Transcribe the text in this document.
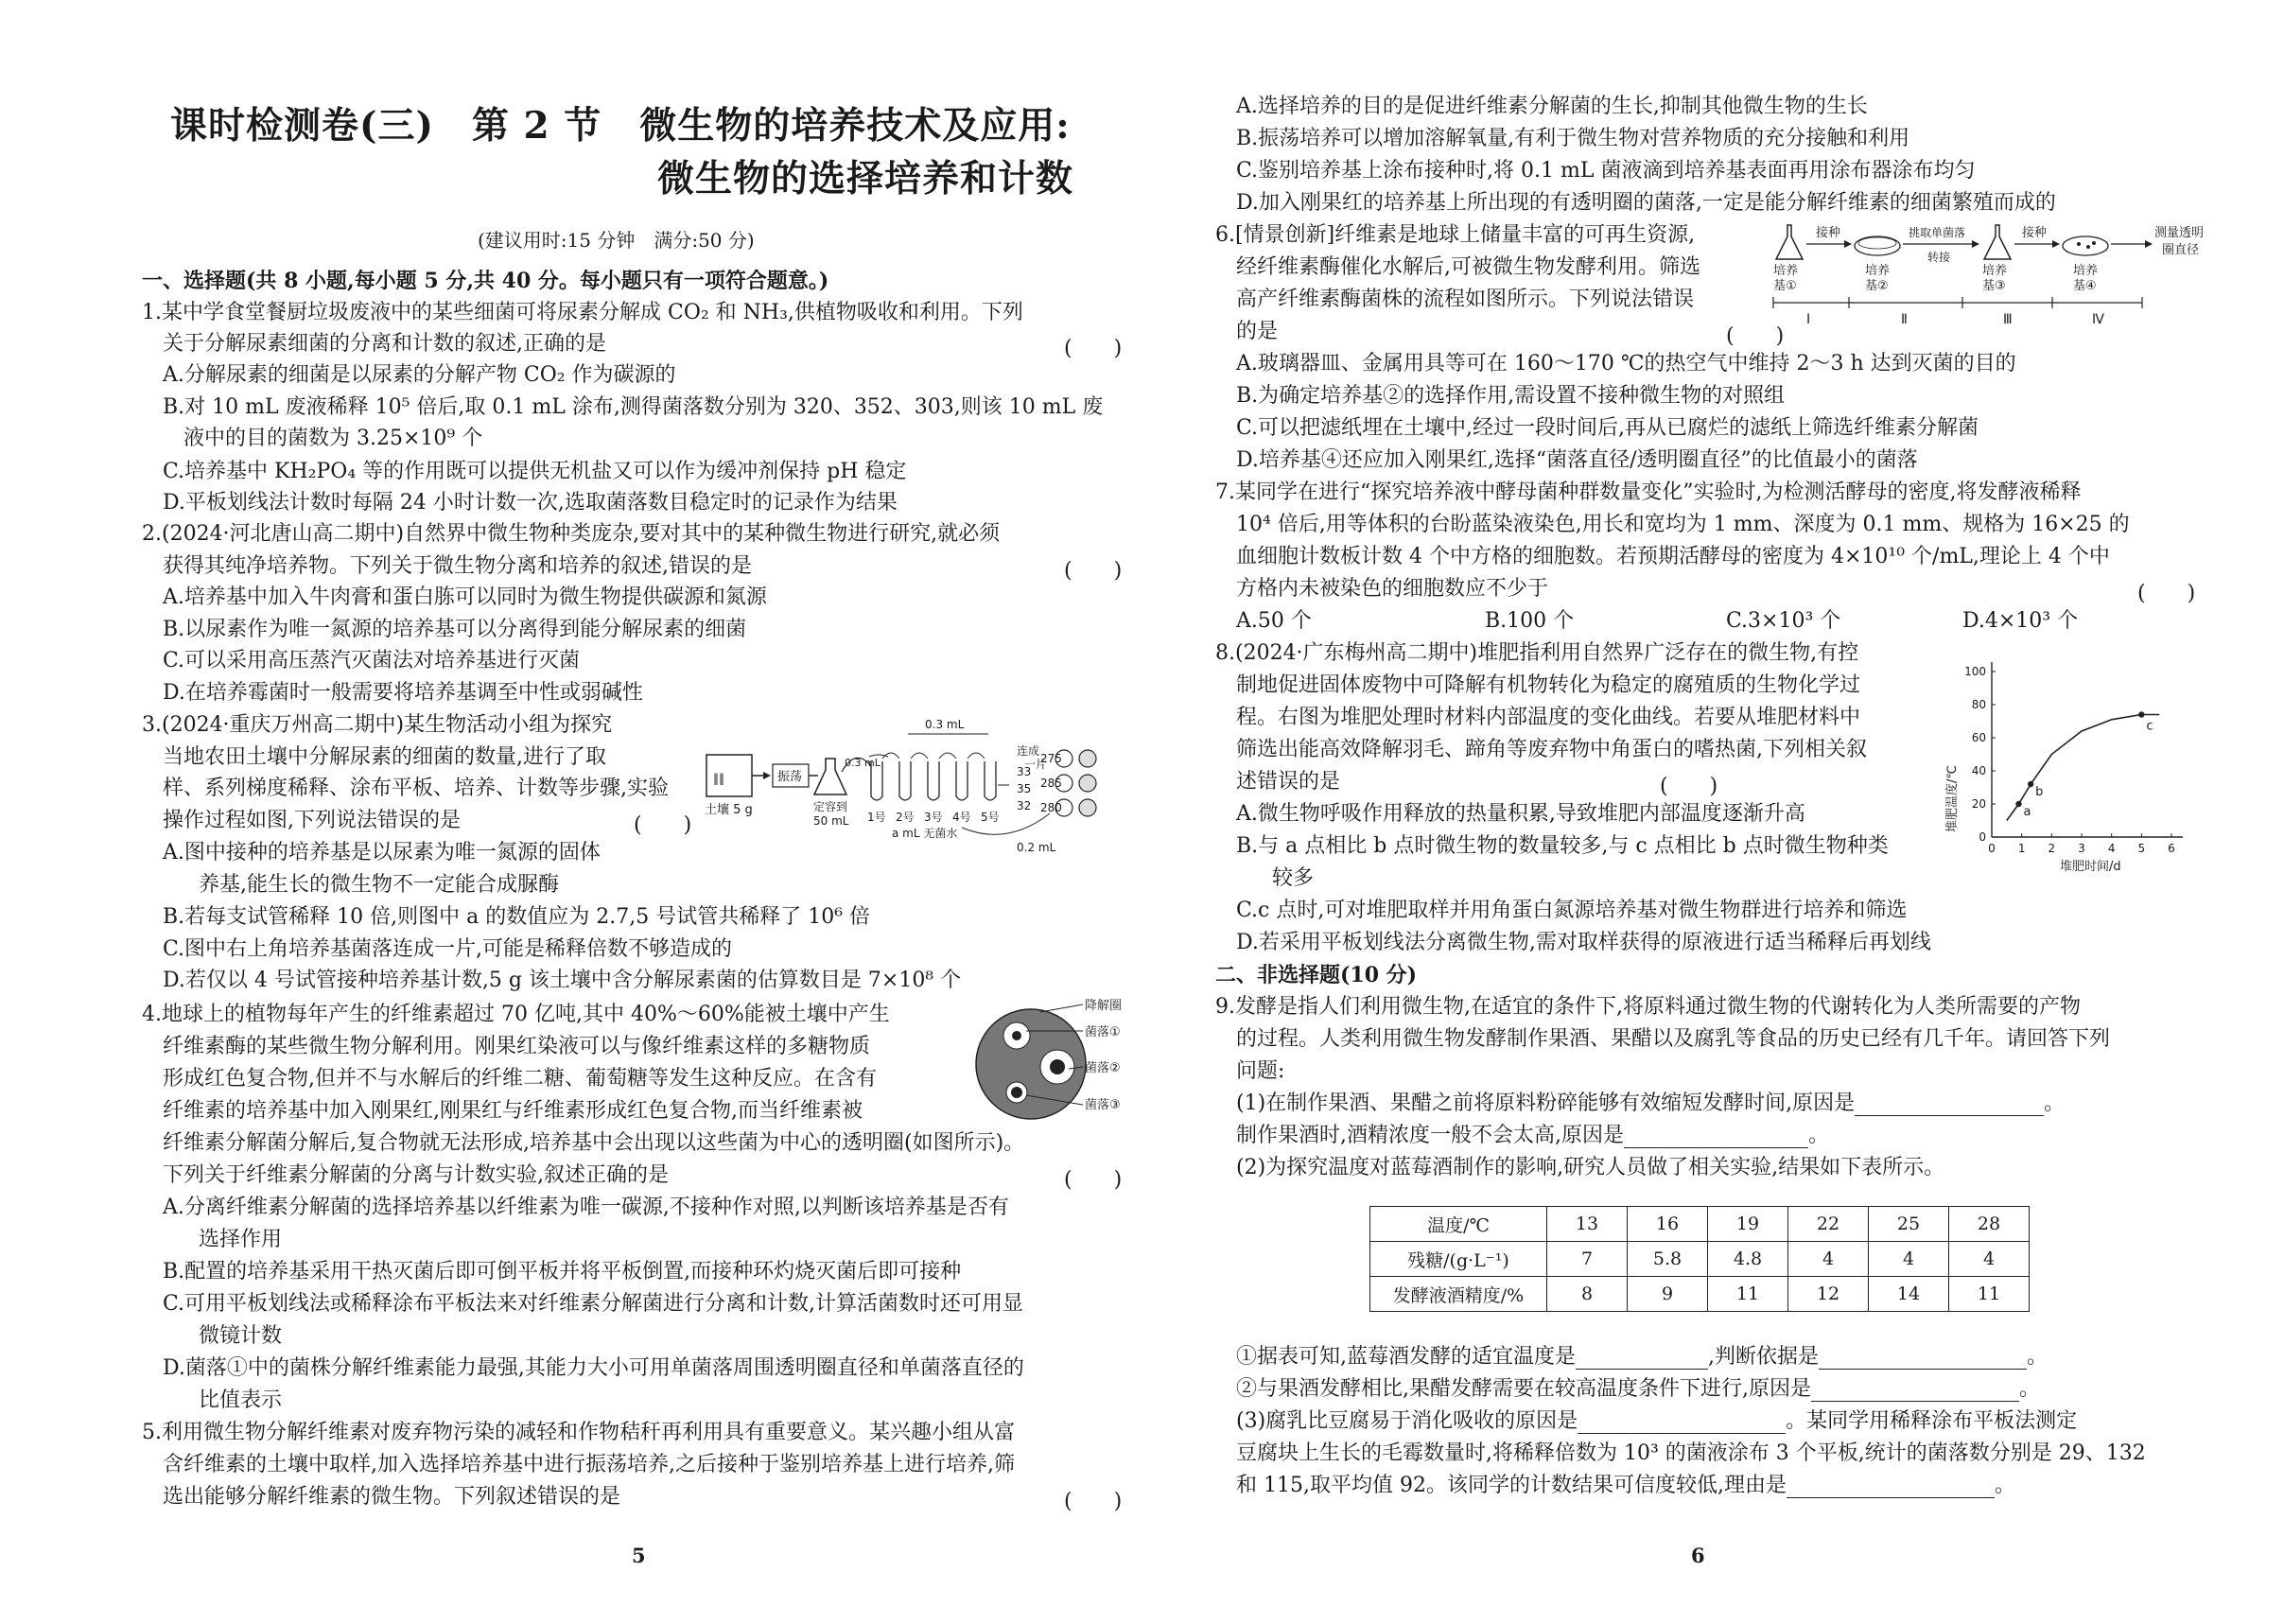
课时检测卷(三)　第 2 节　微生物的培养技术及应用:
微生物的选择培养和计数
(建议用时:15 分钟　满分:50 分)
一、选择题(共 8 小题,每小题 5 分,共 40 分。每小题只有一项符合题意。)
1.某中学食堂餐厨垃圾废液中的某些细菌可将尿素分解成 CO₂ 和 NH₃,供植物吸收和利用。下列
关于分解尿素细菌的分离和计数的叙述,正确的是	(　　)
A.分解尿素的细菌是以尿素的分解产物 CO₂ 作为碳源的
B.对 10 mL 废液稀释 10⁵ 倍后,取 0.1 mL 涂布,测得菌落数分别为 320、352、303,则该 10 mL 废
液中的目的菌数为 3.25×10⁹ 个
C.培养基中 KH₂PO₄ 等的作用既可以提供无机盐又可以作为缓冲剂保持 pH 稳定
D.平板划线法计数时每隔 24 小时计数一次,选取菌落数目稳定时的记录作为结果
2.(2024·河北唐山高二期中)自然界中微生物种类庞杂,要对其中的某种微生物进行研究,就必须
获得其纯净培养物。下列关于微生物分离和培养的叙述,错误的是	(　　)
A.培养基中加入牛肉膏和蛋白胨可以同时为微生物提供碳源和氮源
B.以尿素作为唯一氮源的培养基可以分离得到能分解尿素的细菌
C.可以采用高压蒸汽灭菌法对培养基进行灭菌
D.在培养霉菌时一般需要将培养基调至中性或弱碱性
3.(2024·重庆万州高二期中)某生物活动小组为探究
当地农田土壤中分解尿素的细菌的数量,进行了取
样、系列梯度稀释、涂布平板、培养、计数等步骤,实验
操作过程如图,下列说法错误的是	(　　)
A.图中接种的培养基是以尿素为唯一氮源的固体
养基,能生长的微生物不一定能合成脲酶
B.若每支试管稀释 10 倍,则图中 a 的数值应为 2.7,5 号试管共稀释了 10⁶ 倍
C.图中右上角培养基菌落连成一片,可能是稀释倍数不够造成的
D.若仅以 4 号试管接种培养基计数,5 g 该土壤中含分解尿素菌的估算数目是 7×10⁸ 个
‖‖
土壤 5 g
振荡
定容到
50 mL
0.3 mL
0.3 mL
1号 2号 3号 4号 5号
a mL 无菌水
0.2 mL
连成
一片
275
285
280
33
35
32
4.地球上的植物每年产生的纤维素超过 70 亿吨,其中 40%～60%能被土壤中产生
纤维素酶的某些微生物分解利用。刚果红染液可以与像纤维素这样的多糖物质
形成红色复合物,但并不与水解后的纤维二糖、葡萄糖等发生这种反应。在含有
纤维素的培养基中加入刚果红,刚果红与纤维素形成红色复合物,而当纤维素被
纤维素分解菌分解后,复合物就无法形成,培养基中会出现以这些菌为中心的透明圈(如图所示)。
下列关于纤维素分解菌的分离与计数实验,叙述正确的是	(　　)
A.分离纤维素分解菌的选择培养基以纤维素为唯一碳源,不接种作对照,以判断该培养基是否有
选择作用
B.配置的培养基采用干热灭菌后即可倒平板并将平板倒置,而接种环灼烧灭菌后即可接种
C.可用平板划线法或稀释涂布平板法来对纤维素分解菌进行分离和计数,计算活菌数时还可用显
微镜计数
D.菌落①中的菌株分解纤维素能力最强,其能力大小可用单菌落周围透明圈直径和单菌落直径的
比值表示
降解圈
菌落①
菌落②
菌落③
5.利用微生物分解纤维素对废弃物污染的减轻和作物秸秆再利用具有重要意义。某兴趣小组从富
含纤维素的土壤中取样,加入选择培养基中进行振荡培养,之后接种于鉴别培养基上进行培养,筛
选出能够分解纤维素的微生物。下列叙述错误的是	(　　)
5
A.选择培养的目的是促进纤维素分解菌的生长,抑制其他微生物的生长
B.振荡培养可以增加溶解氧量,有利于微生物对营养物质的充分接触和利用
C.鉴别培养基上涂布接种时,将 0.1 mL 菌液滴到培养基表面再用涂布器涂布均匀
D.加入刚果红的培养基上所出现的有透明圈的菌落,一定是能分解纤维素的细菌繁殖而成的
6.[情景创新]纤维素是地球上储量丰富的可再生资源,
经纤维素酶催化水解后,可被微生物发酵利用。筛选
高产纤维素酶菌株的流程如图所示。下列说法错误
的是	(　　)
A.玻璃器皿、金属用具等可在 160～170 ℃的热空气中维持 2～3 h 达到灭菌的目的
B.为确定培养基②的选择作用,需设置不接种微生物的对照组
C.可以把滤纸埋在土壤中,经过一段时间后,再从已腐烂的滤纸上筛选纤维素分解菌
D.培养基④还应加入刚果红,选择“菌落直径/透明圈直径”的比值最小的菌落
培养
基①
接种
培养
基②
挑取单菌落
转接
培养
基③
接种
培养
基④
测量透明
圈直径
Ⅰ	Ⅱ	Ⅲ	Ⅳ
7.某同学在进行“探究培养液中酵母菌种群数量变化”实验时,为检测活酵母的密度,将发酵液稀释
10⁴ 倍后,用等体积的台盼蓝染液染色,用长和宽均为 1 mm、深度为 0.1 mm、规格为 16×25 的
血细胞计数板计数 4 个中方格的细胞数。若预期活酵母的密度为 4×10¹⁰ 个/mL,理论上 4 个中
方格内未被染色的细胞数应不少于	(　　)
A.50 个	B.100 个	C.3×10³ 个	D.4×10³ 个
8.(2024·广东梅州高二期中)堆肥指利用自然界广泛存在的微生物,有控
制地促进固体废物中可降解有机物转化为稳定的腐殖质的生物化学过
程。右图为堆肥处理时材料内部温度的变化曲线。若要从堆肥材料中
筛选出能高效降解羽毛、蹄角等废弃物中角蛋白的嗜热菌,下列相关叙
述错误的是	(　　)
A.微生物呼吸作用释放的热量积累,导致堆肥内部温度逐渐升高
B.与 a 点相比 b 点时微生物的数量较多,与 c 点相比 b 点时微生物种类
较多
C.c 点时,可对堆肥取样并用角蛋白氮源培养基对微生物群进行培养和筛选
D.若采用平板划线法分离微生物,需对取样获得的原液进行适当稀释后再划线
堆肥温度/℃
堆肥时间/d
0
20
40
60
80
100
0 1 2 3 4 5 6
a
b
c
二、非选择题(10 分)
9.发酵是指人们利用微生物,在适宜的条件下,将原料通过微生物的代谢转化为人类所需要的产物
的过程。人类利用微生物发酵制作果酒、果醋以及腐乳等食品的历史已经有几千年。请回答下列
问题:
(1)在制作果酒、果醋之前将原料粉碎能够有效缩短发酵时间,原因是	。
制作果酒时,酒精浓度一般不会太高,原因是	。
(2)为探究温度对蓝莓酒制作的影响,研究人员做了相关实验,结果如下表所示。
温度/℃	13	16	19	22	25	28
残糖/(g·L⁻¹)	7	5.8	4.8	4	4	4
发酵液酒精度/%	8	9	11	12	14	11
①据表可知,蓝莓酒发酵的适宜温度是	,判断依据是	。
②与果酒发酵相比,果醋发酵需要在较高温度条件下进行,原因是	。
(3)腐乳比豆腐易于消化吸收的原因是	。某同学用稀释涂布平板法测定
豆腐块上生长的毛霉数量时,将稀释倍数为 10³ 的菌液涂布 3 个平板,统计的菌落数分别是 29、132
和 115,取平均值 92。该同学的计数结果可信度较低,理由是	。
6
